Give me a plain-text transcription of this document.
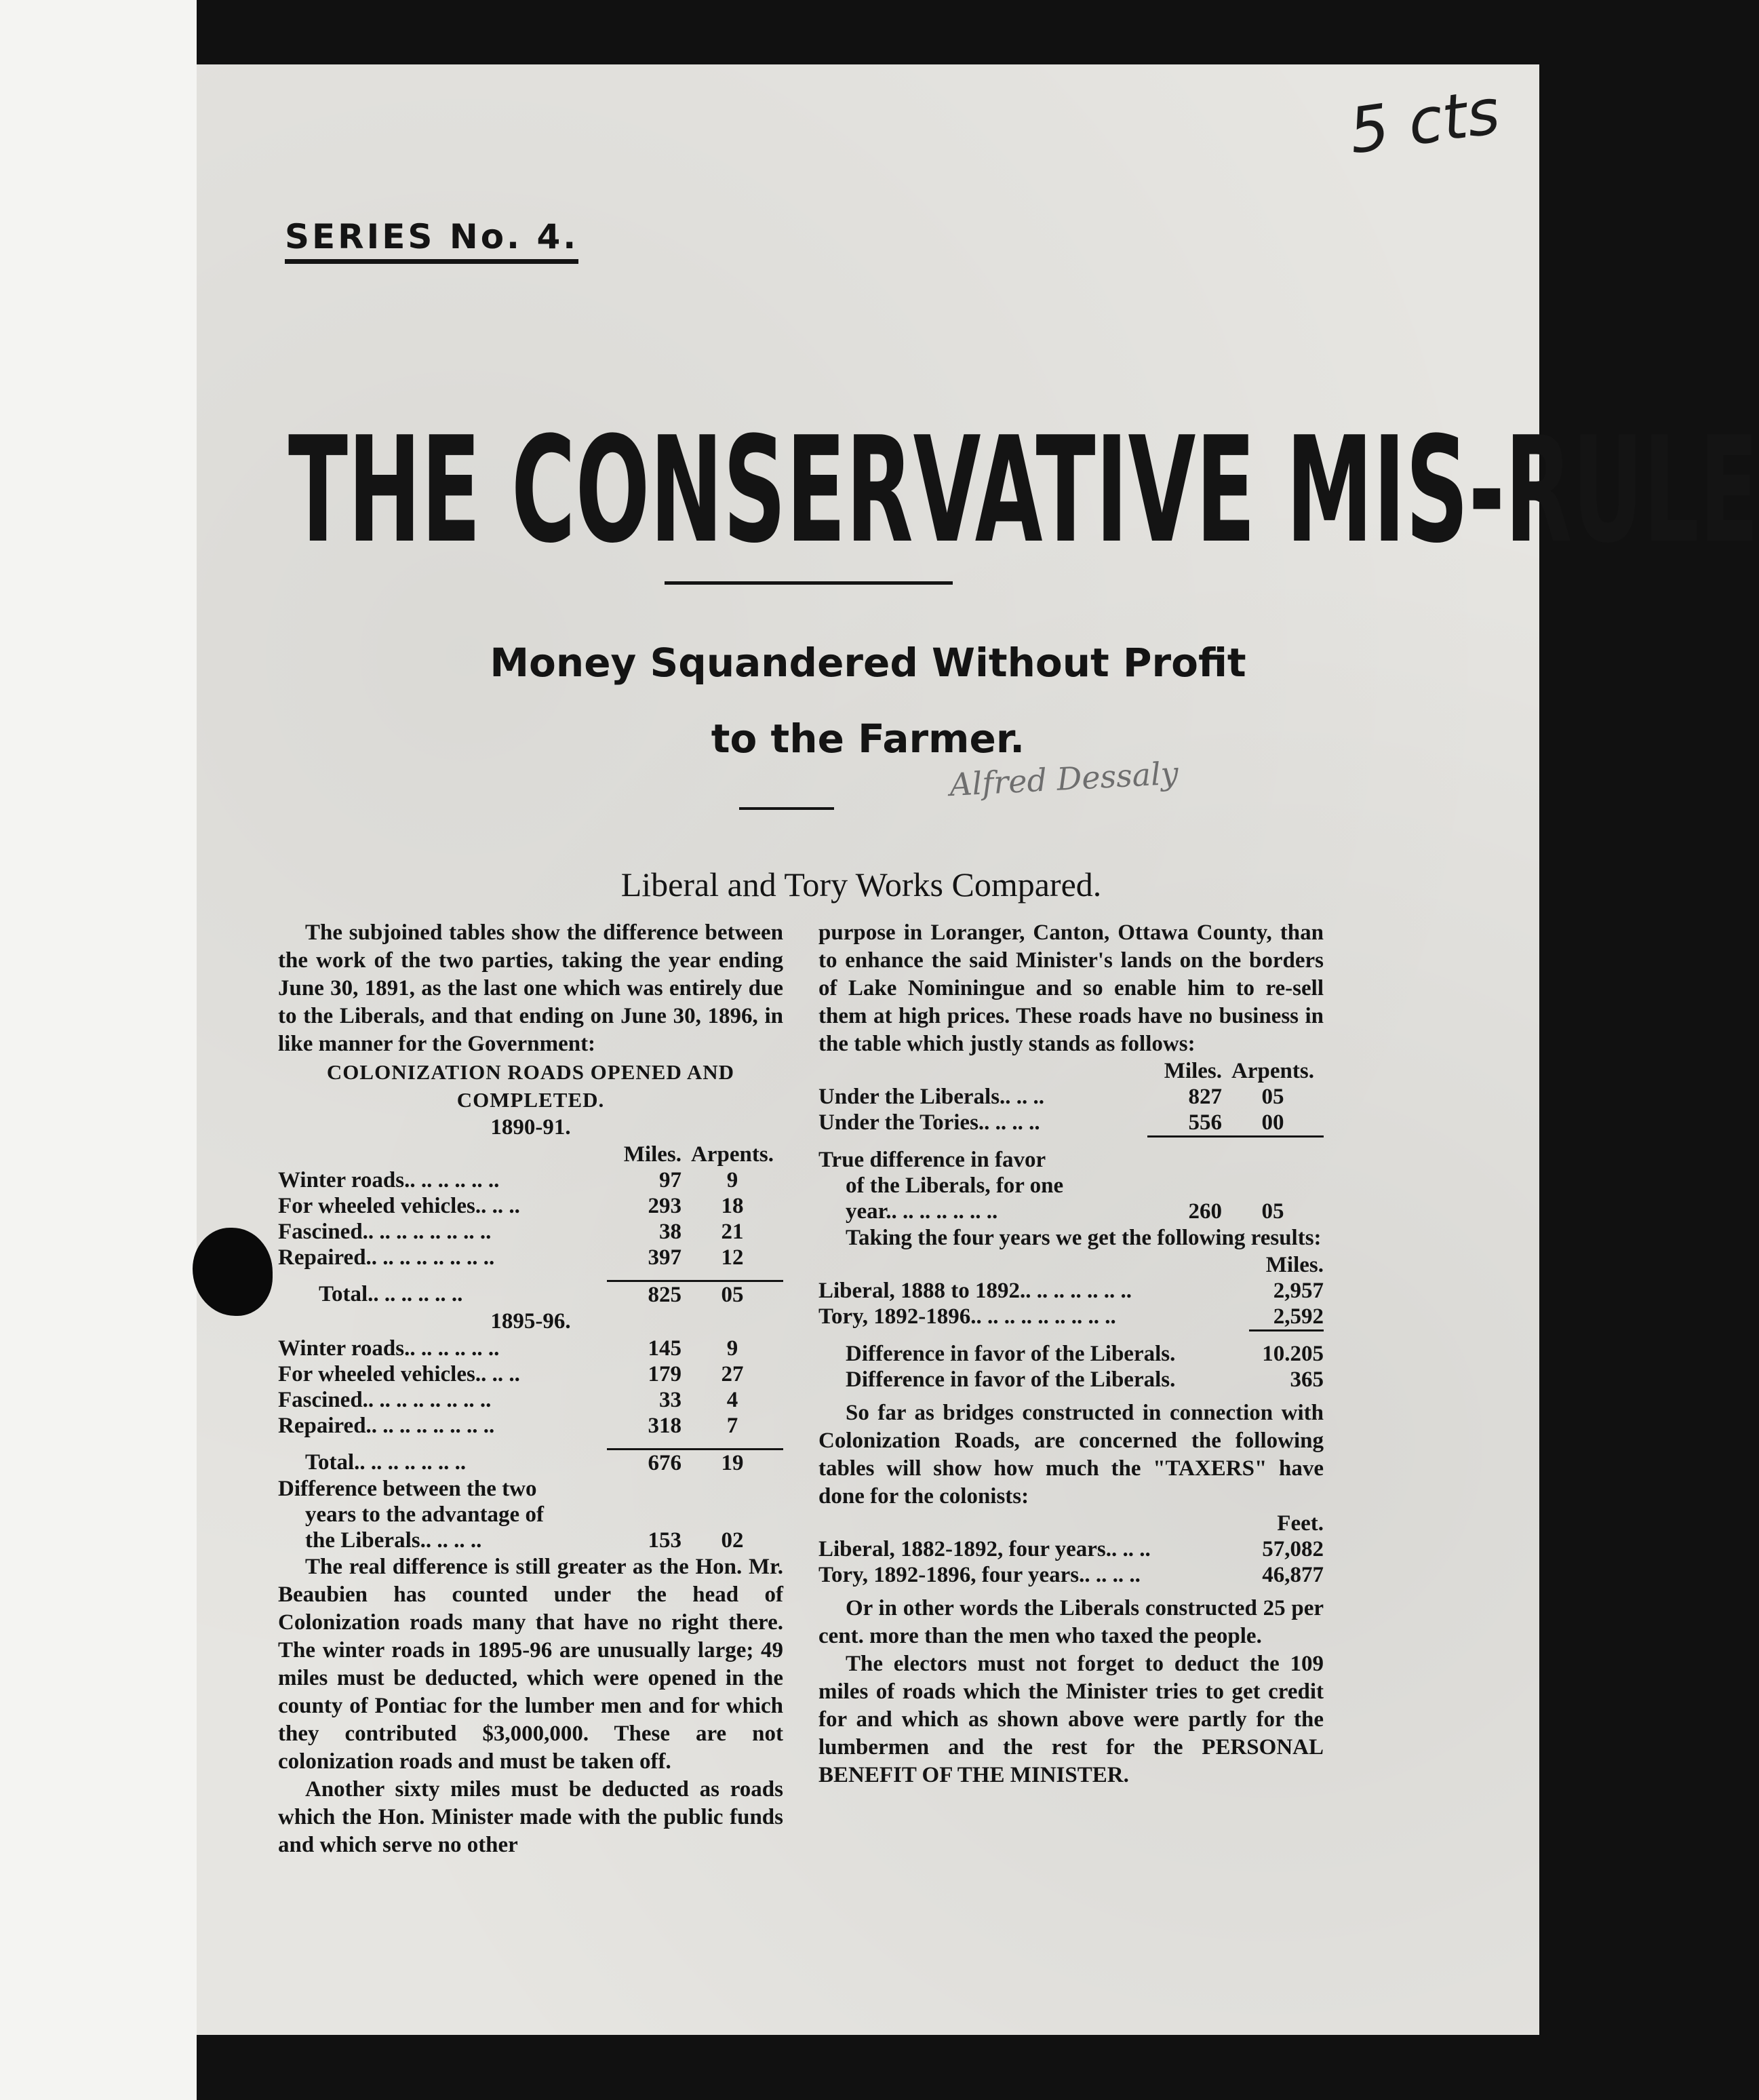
5 cts
SERIES No. 4.
THE CONSERVATIVE MIS-RULE
Money Squandered Without Profit
to the Farmer.
Alfred Dessaly
Liberal and Tory Works Compared.

The subjoined tables show the difference between the work of the two parties, taking the year ending June 30, 1891, as the last one which was entirely due to the Liberals, and that ending on June 30, 1896, in like manner for the Government:

COLONIZATION ROADS OPENED AND COMPLETED.

1890-91.

	Miles.	Arpents.
Winter roads.. .. .. .. .. ..	97	9
For wheeled vehicles.. .. ..	293	18
Fascined.. .. .. .. .. .. .. ..	38	21
Repaired.. .. .. .. .. .. .. ..	397	12

Total.. .. .. .. .. ..	825	05

1895-96.

Winter roads.. .. .. .. .. ..	145	9
For wheeled vehicles.. .. ..	179	27
Fascined.. .. .. .. .. .. .. ..	33	4
Repaired.. .. .. .. .. .. .. ..	318	7

Total.. .. .. .. .. .. ..	676	19
Difference between the two		
years to the advantage of		
the Liberals.. .. .. ..	153	02

The real difference is still greater as the Hon. Mr. Beaubien has counted under the head of Colonization roads many that have no right there. The winter roads in 1895-96 are unusually large; 49 miles must be deducted, which were opened in the county of Pontiac for the lumber men and for which they contributed $3,000,000. These are not colonization roads and must be taken off.

Another sixty miles must be deducted as roads which the Hon. Minister made with the public funds and which serve no other

purpose in Loranger, Canton, Ottawa County, than to enhance the said Minister's lands on the borders of Lake Nominingue and so enable him to re-sell them at high prices. These roads have no business in the table which justly stands as follows:

	Miles.	Arpents.
Under the Liberals.. .. ..	827	05
Under the Tories.. .. .. ..	556	00

True difference in favor		
of the Liberals, for one		
year.. .. .. .. .. .. ..	260	05

Taking the four years we get the following results:

	Miles.
Liberal, 1888 to 1892.. .. .. .. .. .. ..	2,957
Tory, 1892-1896.. .. .. .. .. .. .. .. ..	2,592

Difference in favor of the Liberals.	10.205
Difference in favor of the Liberals.	365

So far as bridges constructed in connection with Colonization Roads, are concerned the following tables will show how much the "TAXERS" have done for the colonists:

	Feet.
Liberal, 1882-1892, four years.. .. ..	57,082
Tory, 1892-1896, four years.. .. .. ..	46,877

Or in other words the Liberals constructed 25 per cent. more than the men who taxed the people.

The electors must not forget to deduct the 109 miles of roads which the Minister tries to get credit for and which as shown above were partly for the lumbermen and the rest for the PERSONAL BENEFIT OF THE MINISTER.
